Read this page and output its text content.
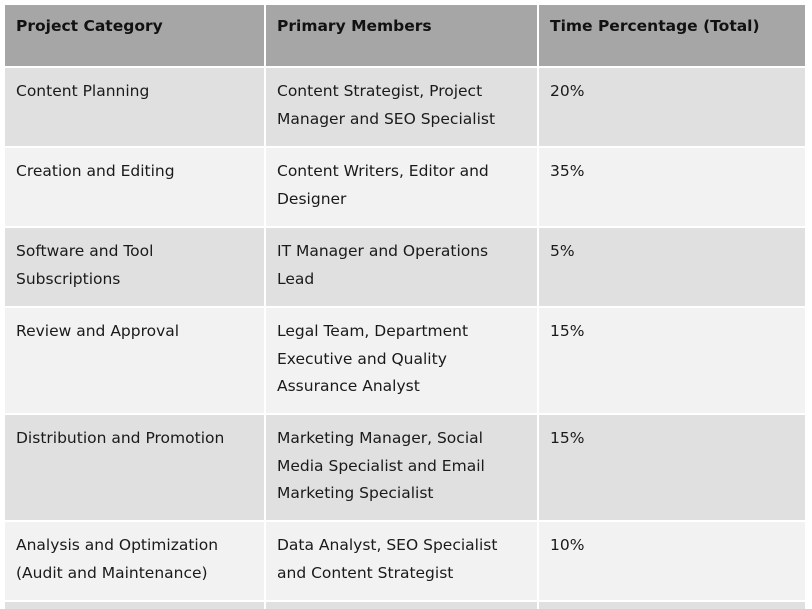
Project Category	Primary Members	Time Percentage (Total)
Content Planning	Content Strategist, Project Manager and SEO Specialist	20%
Creation and Editing	Content Writers, Editor and Designer	35%
Software and Tool Subscriptions	IT Manager and Operations Lead	5%
Review and Approval	Legal Team, Department Executive and Quality Assurance Analyst	15%
Distribution and Promotion	Marketing Manager, Social Media Specialist and Email Marketing Specialist	15%
Analysis and Optimization (Audit and Maintenance)	Data Analyst, SEO Specialist and Content Strategist	10%
